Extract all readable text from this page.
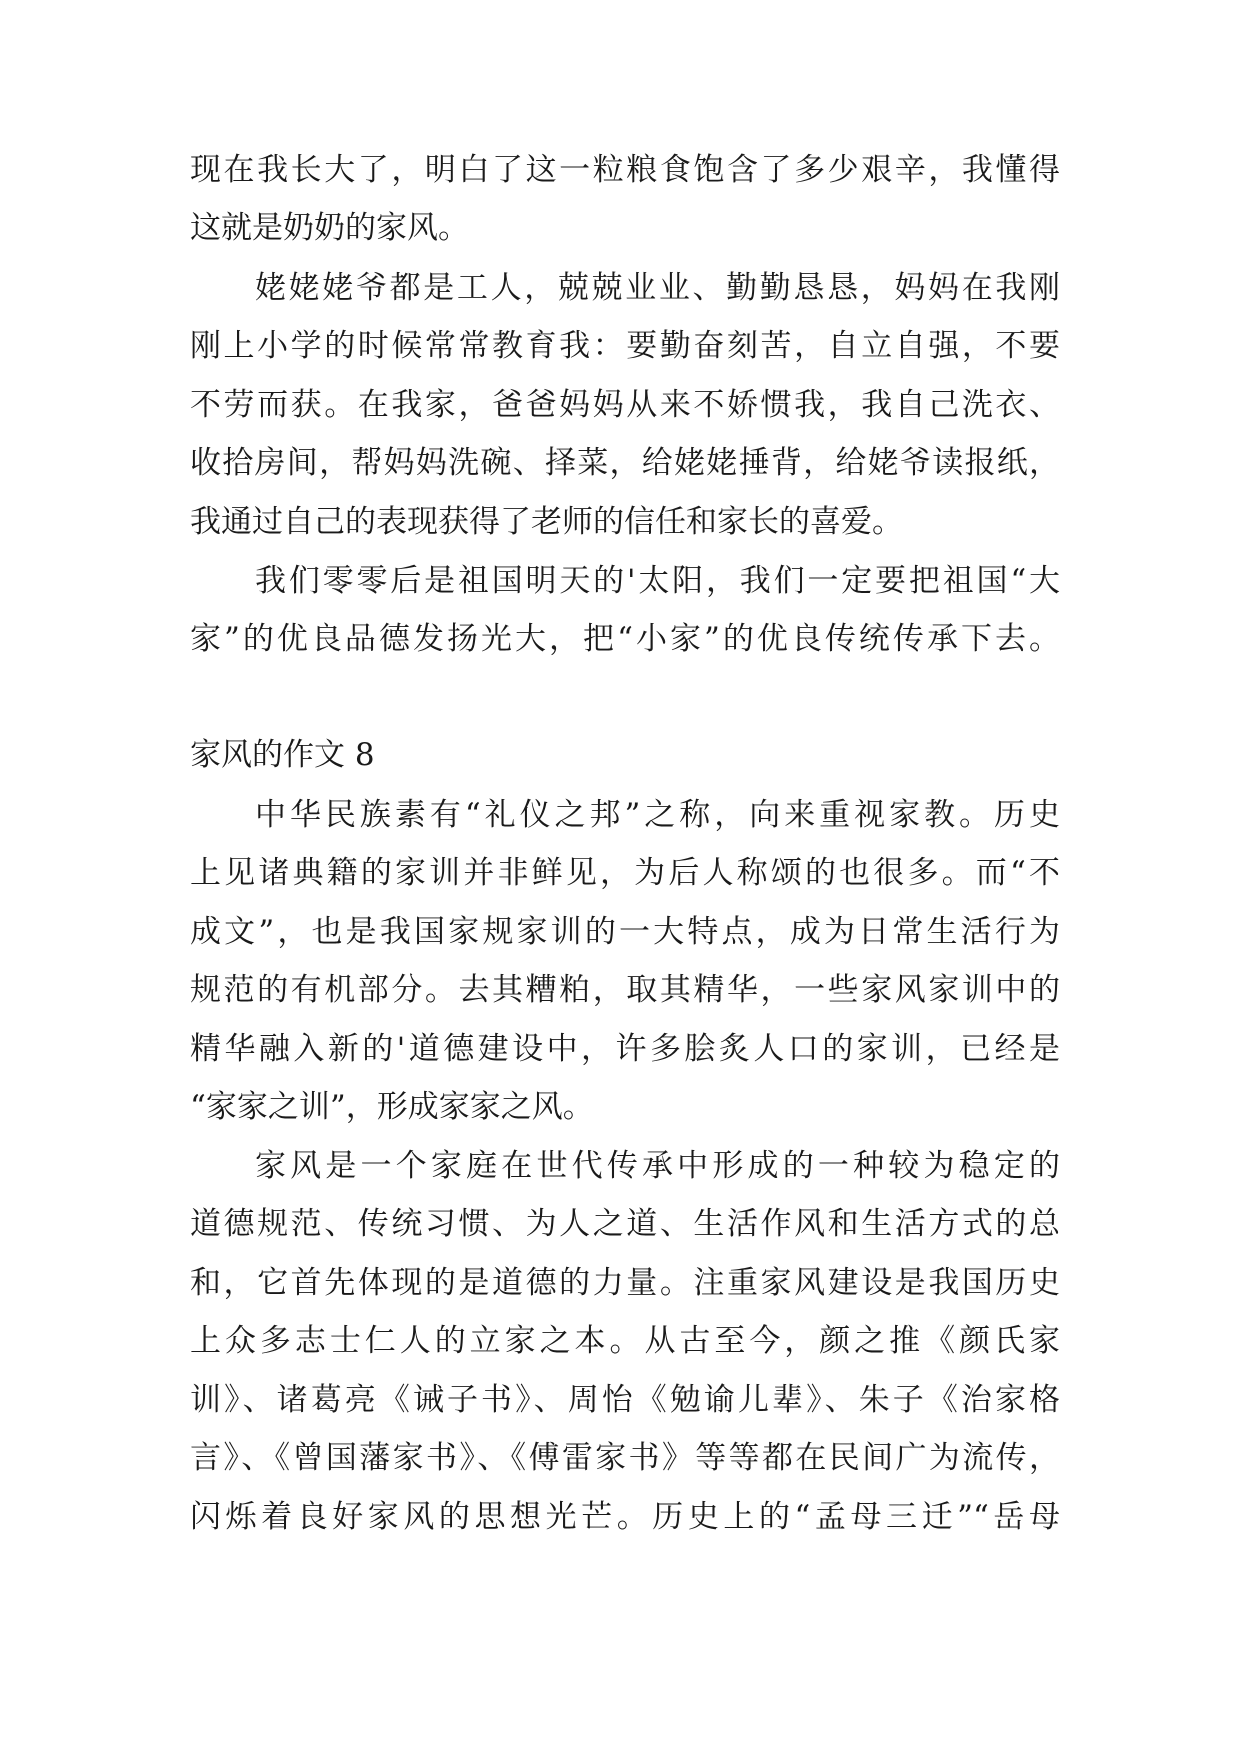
现在我长大了，明白了这一粒粮食饱含了多少艰辛，我懂得
这就是奶奶的家风。
姥姥姥爷都是工人，兢兢业业、勤勤恳恳，妈妈在我刚
刚上小学的时候常常教育我：要勤奋刻苦，自立自强，不要
不劳而获。在我家，爸爸妈妈从来不娇惯我，我自己洗衣、
收拾房间，帮妈妈洗碗、择菜，给姥姥捶背，给姥爷读报纸，
我通过自己的表现获得了老师的信任和家长的喜爱。
我们零零后是祖国明天的'太阳，我们一定要把祖国“大
家”的优良品德发扬光大，把“小家”的优良传统传承下去。
家风的作文 8
中华民族素有“礼仪之邦”之称，向来重视家教。历史
上见诸典籍的家训并非鲜见，为后人称颂的也很多。而“不
成文”，也是我国家规家训的一大特点，成为日常生活行为
规范的有机部分。去其糟粕，取其精华，一些家风家训中的
精华融入新的'道德建设中，许多脍炙人口的家训，已经是
“家家之训”，形成家家之风。
家风是一个家庭在世代传承中形成的一种较为稳定的
道德规范、传统习惯、为人之道、生活作风和生活方式的总
和，它首先体现的是道德的力量。注重家风建设是我国历史
上众多志士仁人的立家之本。从古至今，颜之推《颜氏家
训》、诸葛亮《诫子书》、周怡《勉谕儿辈》、朱子《治家格
言》、《曾国藩家书》、《傅雷家书》等等都在民间广为流传，
闪烁着良好家风的思想光芒。历史上的“孟母三迁”“岳母
